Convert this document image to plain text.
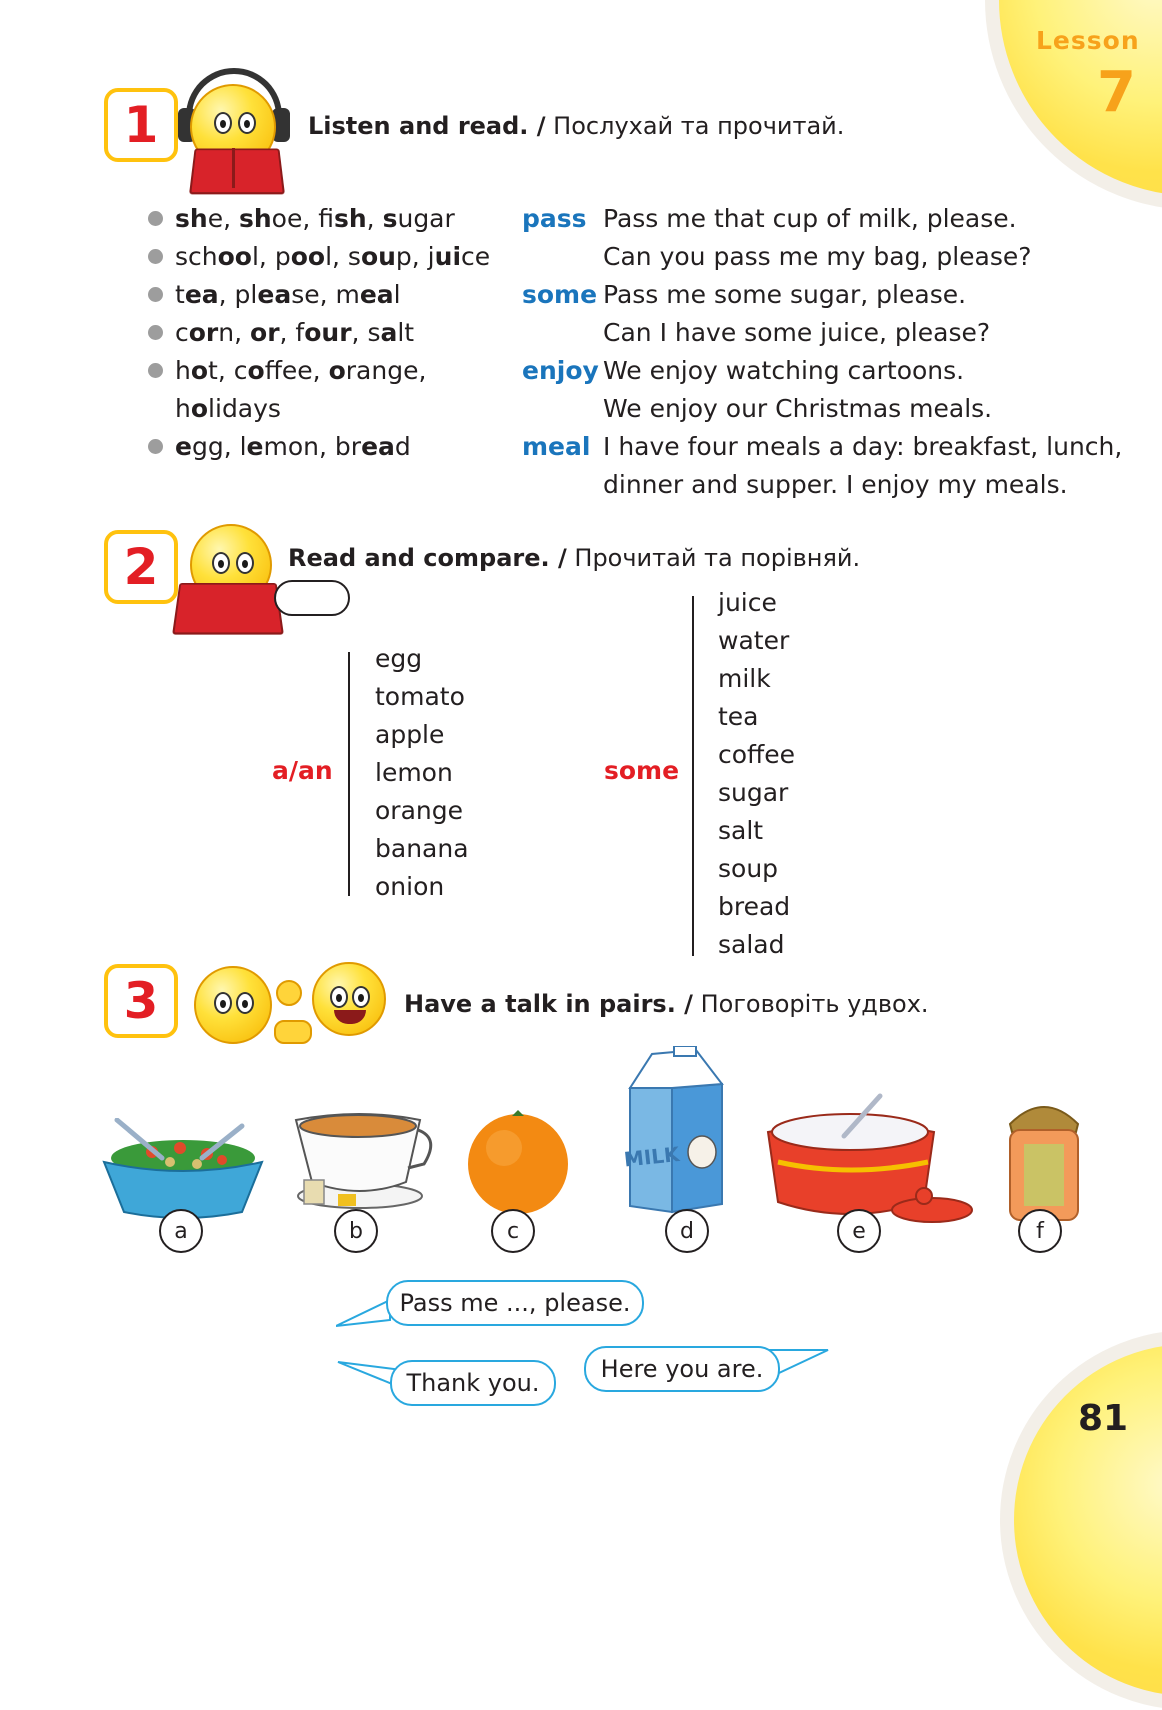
Lesson
7
1	Listen and read. / Послухай та прочитай.
she, shoe, fish, sugar
school, pool, soup, juice
tea, please, meal
corn, or, four, salt
hot, coffee, orange,
holidays
egg, lemon, bread
pass Pass me that cup of milk, please.
Can you pass me my bag, please?
some Pass me some sugar, please.
Can I have some juice, please?
enjoy We enjoy watching cartoons.
We enjoy our Christmas meals.
meal I have four meals a day: breakfast, lunch,
dinner and supper. I enjoy my meals.
2	Read and compare. / Прочитай та порівняй.
a/an
egg
tomato
apple
lemon
orange
banana
onion
some
juice
water
milk
tea
coffee
sugar
salt
soup
bread
salad
3	Have a talk in pairs. / Поговоріть удвох.
MILK
a	b	c	d	e	f
Pass me ..., please.
Thank you.	Here you are.
81
